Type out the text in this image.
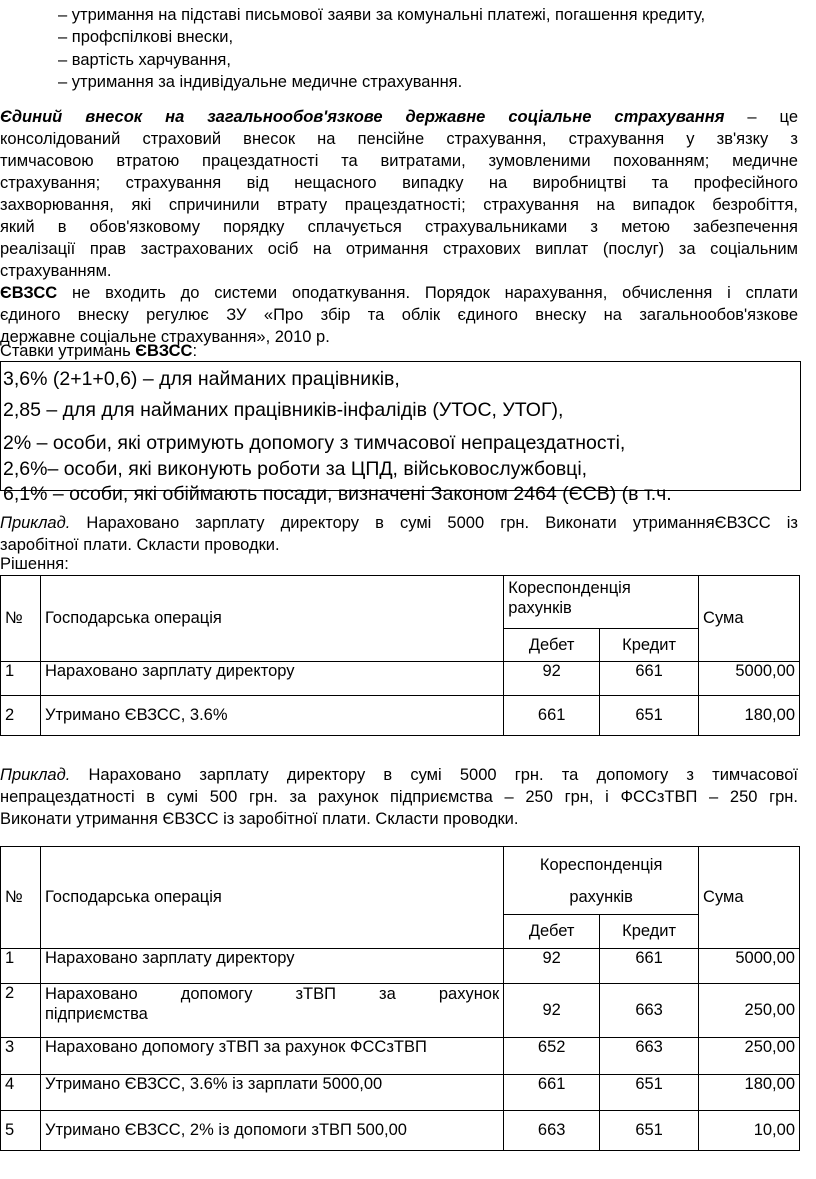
– утримання на підставі письмової заяви за комунальні платежі, погашення кредиту,
– профспілкові внески,
– вартість харчування,
– утримання за індивідуальне медичне страхування.
Єдиний внесок на загальнообов'язкове державне соціальне страхування – це
консолідований страховий внесок на пенсійне страхування, страхування у зв'язку з
тимчасовою втратою працездатності та витратами, зумовленими похованням; медичне
страхування; страхування від нещасного випадку на виробництві та професійного
захворювання, які спричинили втрату працездатності; страхування на випадок безробіття,
який в обов'язковому порядку сплачується страхувальниками з метою забезпечення
реалізації прав застрахованих осіб на отримання страхових виплат (послуг) за соціальним
страхуванням.
ЄВЗСС не входить до системи оподаткування. Порядок нарахування, обчислення і сплати
єдиного внеску регулює ЗУ «Про збір та облік єдиного внеску на загальнообов'язкове
державне соціальне страхування», 2010 р.
Ставки утримань ЄВЗСС:
3,6% (2+1+0,6) – для найманих працівників,
2,85 – для для найманих працівників-інфалідів (УТОС, УТОГ),
2% – особи, які отримують допомогу з тимчасової непрацездатності,
2,6%– особи, які виконують роботи за ЦПД, військовослужбовці,
6,1% – особи, які обіймають посади, визначені Законом 2464 (ЄСВ) (в т.ч.
Приклад. Нараховано зарплату директору в сумі 5000 грн. Виконати утриманняЄВЗСС із
заробітної плати. Скласти проводки.
Рішення:
№	Господарська операція	Кореспонденція рахунків		Сума
		Дебет	Кредит	
1	Нараховано зарплату директору	92	661	5000,00
2	Утримано ЄВЗСС, 3.6%	661	651	180,00
Приклад. Нараховано зарплату директору в сумі 5000 грн. та допомогу з тимчасової
непрацездатності в сумі 500 грн. за рахунок підприємства – 250 грн, і ФССзТВП – 250 грн.
Виконати утримання ЄВЗСС із заробітної плати. Скласти проводки.
№	Господарська операція	Кореспонденція
рахунків		Сума
		Дебет	Кредит	
1	Нараховано зарплату директору	92	661	5000,00
2	Нараховано допомогу зТВП за рахунок
підприємства	92	663	250,00
3	Нараховано допомогу зТВП за рахунок ФССзТВП	652	663	250,00
4	Утримано ЄВЗСС, 3.6% із зарплати 5000,00	661	651	180,00
5	Утримано ЄВЗСС, 2% із допомоги зТВП 500,00	663	651	10,00
